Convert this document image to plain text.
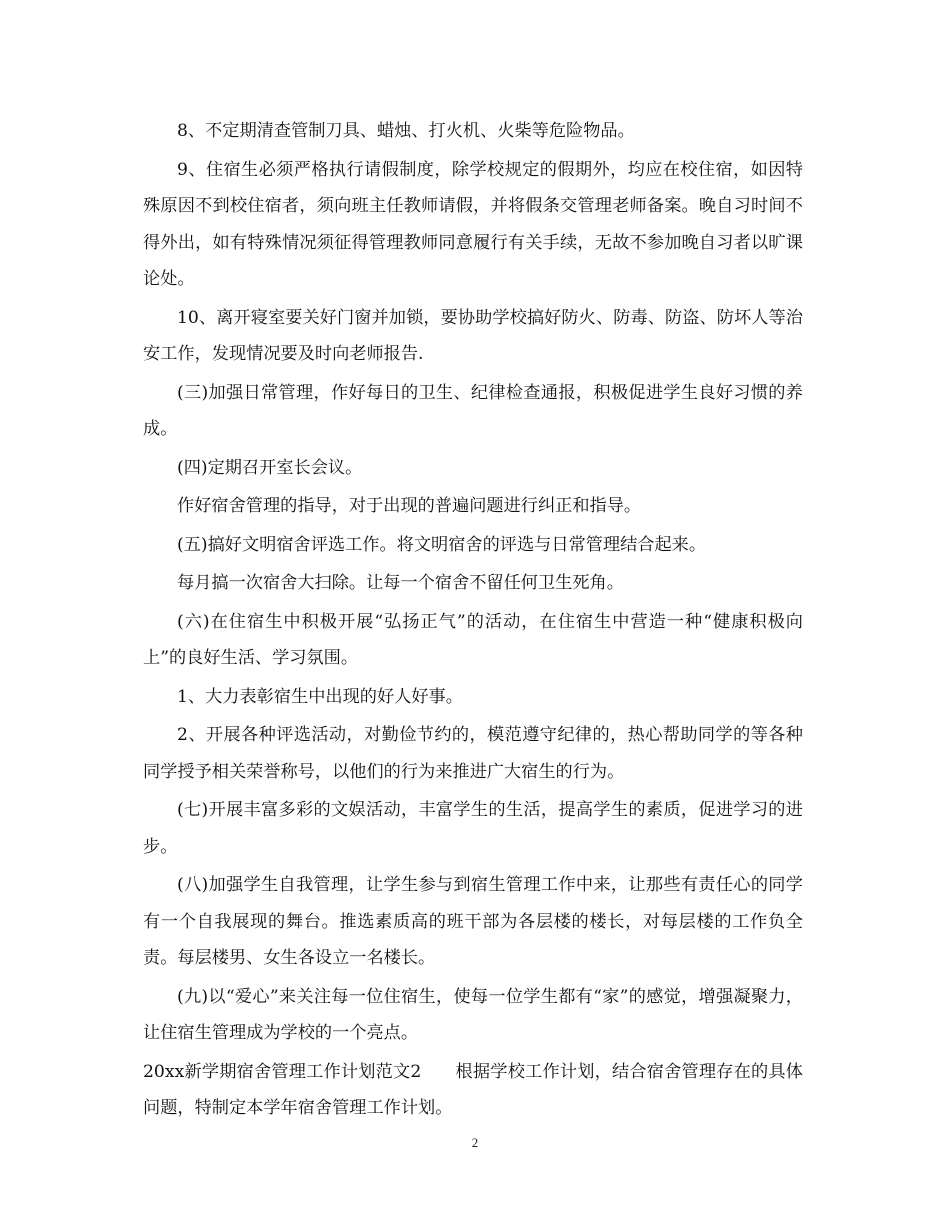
8、不定期清查管制刀具、蜡烛、打火机、火柴等危险物品。

9、住宿生必须严格执行请假制度，除学校规定的假期外，均应在校住宿，如因特殊原因不到校住宿者，须向班主任教师请假，并将假条交管理老师备案。晚自习时间不得外出，如有特殊情况须征得管理教师同意履行有关手续，无故不参加晚自习者以旷课论处。

10、离开寝室要关好门窗并加锁，要协助学校搞好防火、防毒、防盗、防坏人等治安工作，发现情况要及时向老师报告.

(三)加强日常管理，作好每日的卫生、纪律检查通报，积极促进学生良好习惯的养成。

(四)定期召开室长会议。

作好宿舍管理的指导，对于出现的普遍问题进行纠正和指导。

(五)搞好文明宿舍评选工作。将文明宿舍的评选与日常管理结合起来。

每月搞一次宿舍大扫除。让每一个宿舍不留任何卫生死角。

(六)在住宿生中积极开展“弘扬正气”的活动，在住宿生中营造一种“健康积极向上”的良好生活、学习氛围。

1、大力表彰宿生中出现的好人好事。

2、开展各种评选活动，对勤俭节约的，模范遵守纪律的，热心帮助同学的等各种同学授予相关荣誉称号，以他们的行为来推进广大宿生的行为。

(七)开展丰富多彩的文娱活动，丰富学生的生活，提高学生的素质，促进学习的进步。

(八)加强学生自我管理，让学生参与到宿生管理工作中来，让那些有责任心的同学有一个自我展现的舞台。推选素质高的班干部为各层楼的楼长，对每层楼的工作负全责。每层楼男、女生各设立一名楼长。

(九)以“爱心”来关注每一位住宿生，使每一位学生都有“家”的感觉，增强凝聚力，让住宿生管理成为学校的一个亮点。

20xx新学期宿舍管理工作计划范文2 根据学校工作计划，结合宿舍管理存在的具体问题，特制定本学年宿舍管理工作计划。

2
